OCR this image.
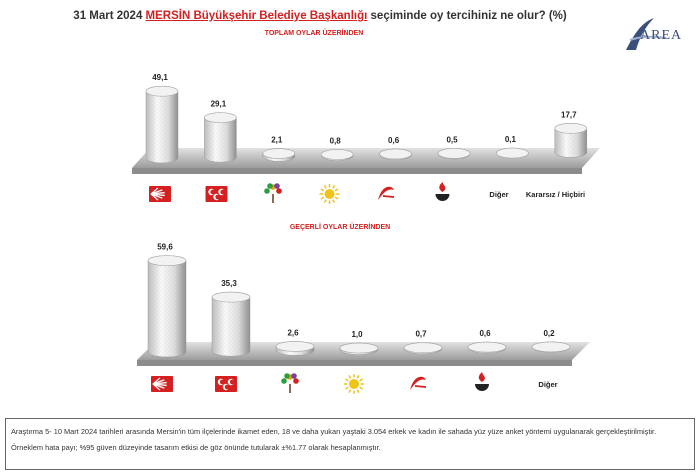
31 Mart 2024 MERSİN Büyükşehir Belediye Başkanlığı seçiminde oy tercihiniz ne olur? (%)
AREA
TOPLAM OYLAR ÜZERİNDEN
49,1
29,1
2,1	0,8	0,6	0,5	0,1
Diğer
17,7
Kararsız / Hiçbiri
GEÇERLİ OYLAR ÜZERİNDEN
59,6
35,3
2,6	1,0	0,7	0,6	0,2
Diğer
Araştırma 5- 10 Mart 2024 tarihleri arasında Mersin'in tüm ilçelerinde ikamet eden, 18 ve daha yukarı yaştaki 3.054 erkek ve kadın ile sahada yüz yüze anket yöntemi uygulanarak gerçekleştirilmiştir. Örneklem hata payı; %95 güven düzeyinde tasarım etkisi de göz önünde tutularak ±%1.77 olarak hesaplanmıştır.
